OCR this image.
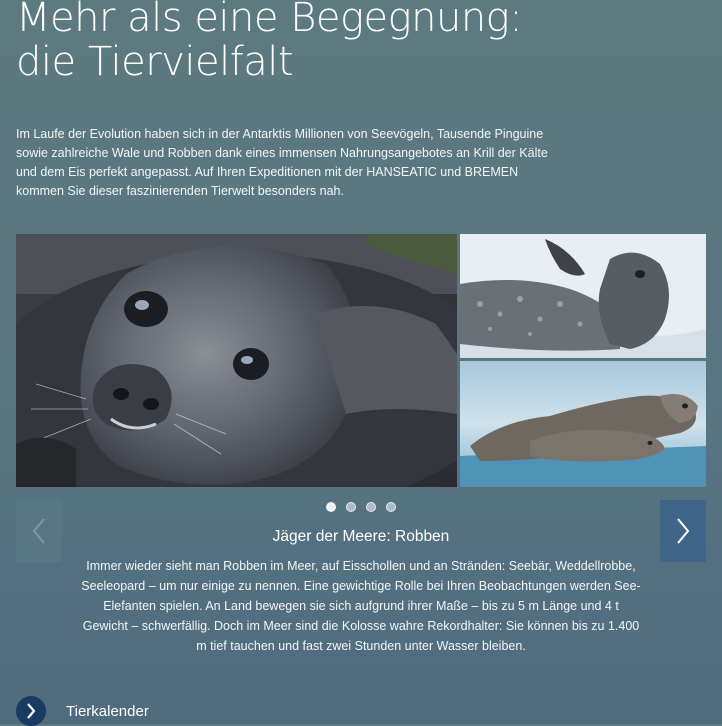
Mehr als eine Begegnung:
die Tiervielfalt

Im Laufe der Evolution haben sich in der Antarktis Millionen von Seevögeln, Tausende Pinguine sowie zahlreiche Wale und Robben dank eines immensen Nahrungsangebotes an Krill der Kälte und dem Eis perfekt angepasst. Auf Ihren Expeditionen mit der HANSEATIC und BREMEN kommen Sie dieser faszinierenden Tierwelt besonders nah.

Jäger der Meere: Robben

Immer wieder sieht man Robben im Meer, auf Eisschollen und an Stränden: Seebär, Weddellrobbe, Seeleopard – um nur einige zu nennen. Eine gewichtige Rolle bei Ihren Beobachtungen werden See-Elefanten spielen. An Land bewegen sie sich aufgrund ihrer Maße – bis zu 5 m Länge und 4 t Gewicht – schwerfällig. Doch im Meer sind die Kolosse wahre Rekordhalter: Sie können bis zu 1.400 m tief tauchen und fast zwei Stunden unter Wasser bleiben.

Tierkalender
